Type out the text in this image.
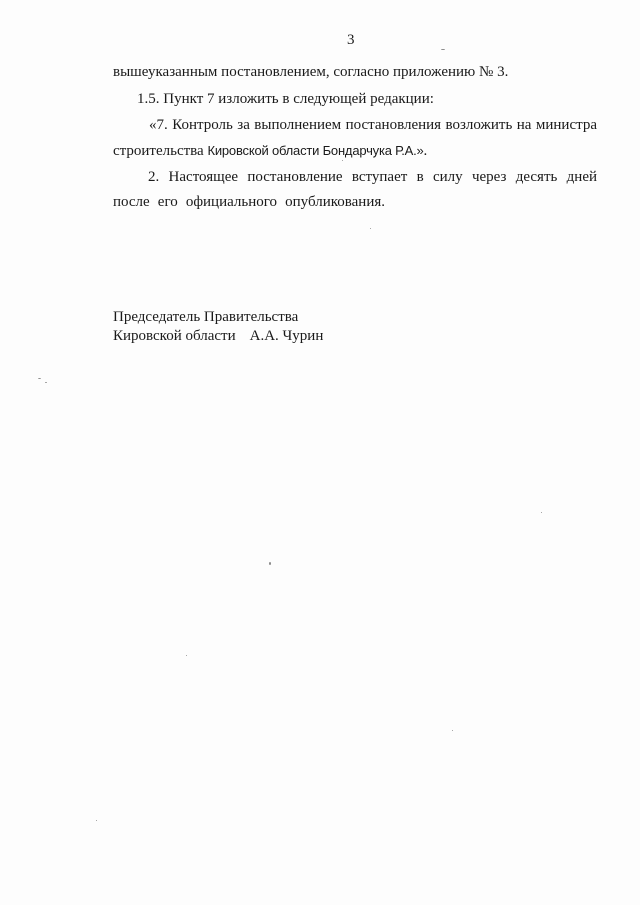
3
вышеуказанным постановлением, согласно приложению № 3.
1.5. Пункт 7 изложить в следующей редакции:
«7. Контроль за выполнением постановления возложить на министра
строительства Кировской области Бондарчука Р.А.».
2. Настоящее постановление вступает в силу через десять дней
после его официального опубликования.
Председатель Правительства
Кировской области А.А. Чурин
